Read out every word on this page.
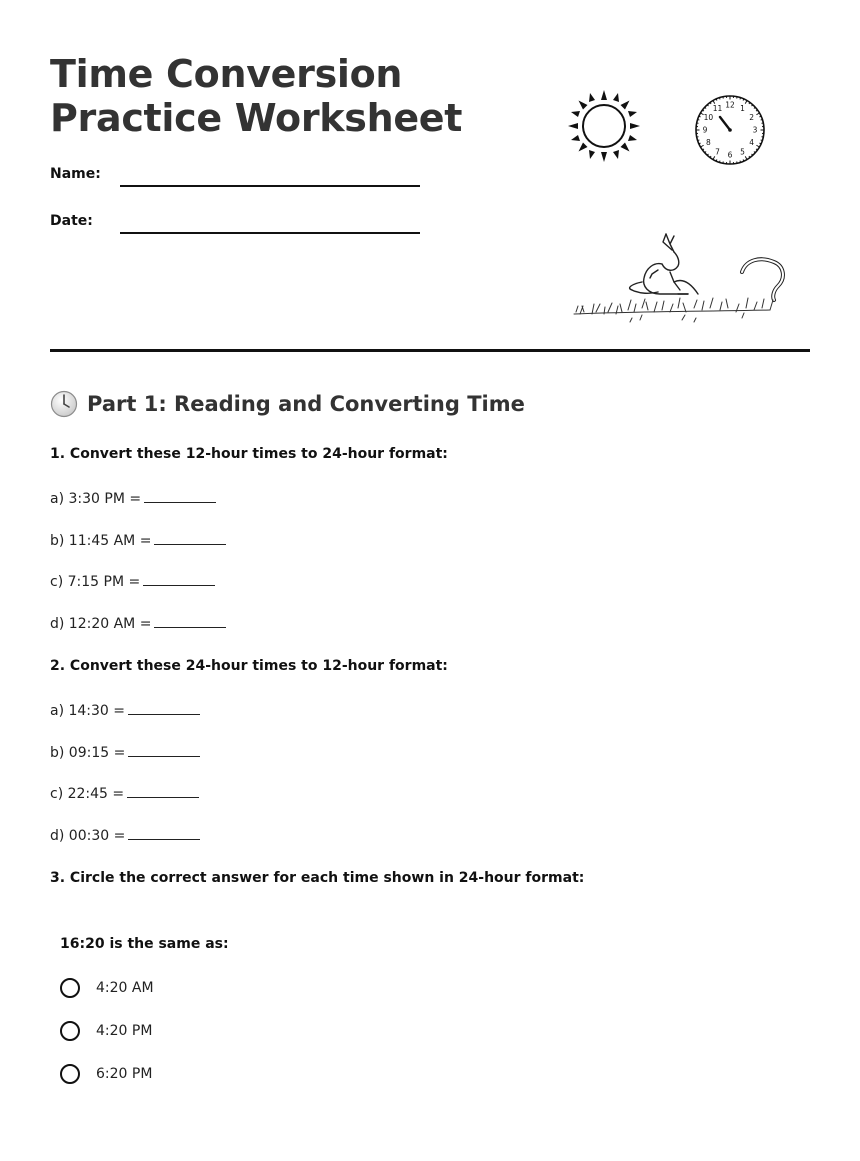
Time Conversion
Practice Worksheet
Name:
Date:
12 1
2
3
4
5
6
7
8
9
10
11
Part 1: Reading and Converting Time

1. Convert these 12-hour times to 24-hour format:

a) 3:30 PM =
b) 11:45 AM =
c) 7:15 PM =
d) 12:20 AM =

2. Convert these 24-hour times to 12-hour format:

a) 14:30 =
b) 09:15 =
c) 22:45 =
d) 00:30 =

3. Circle the correct answer for each time shown in 24-hour format:

16:20 is the same as:
4:20 AM
4:20 PM
6:20 PM
